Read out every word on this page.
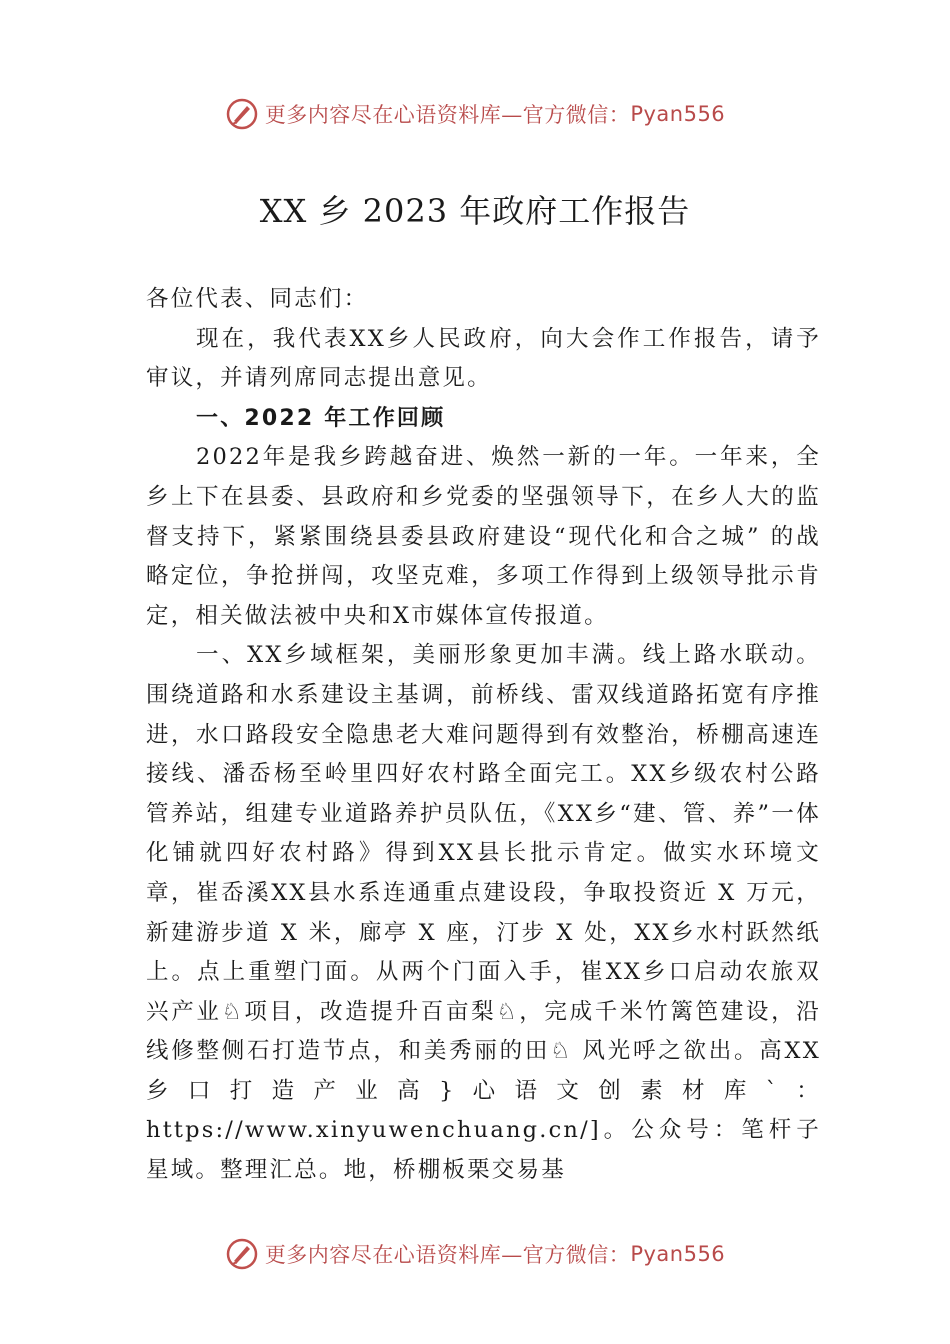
更多内容尽在心语资料库—官方微信： Pyan556
XX 乡 2023 年政府工作报告

各位代表、同志们：

现在，我代表XX乡人民政府，向大会作工作报告，请予审议，并请列席同志提出意见。

一、2022 年工作回顾

2022年是我乡跨越奋进、焕然一新的一年。一年来，全乡上下在县委、县政府和乡党委的坚强领导下，在乡人大的监督支持下，紧紧围绕县委县政府建设“现代化和合之城” 的战略定位，争抢拼闯，攻坚克难，多项工作得到上级领导批示肯定，相关做法被中央和X市媒体宣传报道。

一、XX乡域框架，美丽形象更加丰满。线上路水联动。围绕道路和水系建设主基调，前桥线、雷双线道路拓宽有序推进，水口路段安全隐患老大难问题得到有效整治，桥棚高速连接线、潘岙杨至岭里四好农村路全面完工。XX乡级农村公路管养站，组建专业道路养护员队伍，《XX乡“建、管、养”一体化铺就四好农村路》得到XX县长批示肯定。做实水环境文章，崔岙溪XX县水系连通重点建设段，争取投资近 X 万元，新建游步道 X 米，廊亭 X 座，汀步 X 处，XX乡水村跃然纸上。点上重塑门面。从两个门面入手，崔XX乡口启动农旅双兴产业♘项目，改造提升百亩梨♘，完成千米竹篱笆建设，沿线修整侧石打造节点，和美秀丽的田♘ 风光呼之欲出。高XX乡口打造产业高}心语文创素材库`：https://www.xinyuwenchuang.cn/]。公众号：笔杆子星域。整理汇总。地，桥棚板栗交易基

更多内容尽在心语资料库—官方微信： Pyan556
